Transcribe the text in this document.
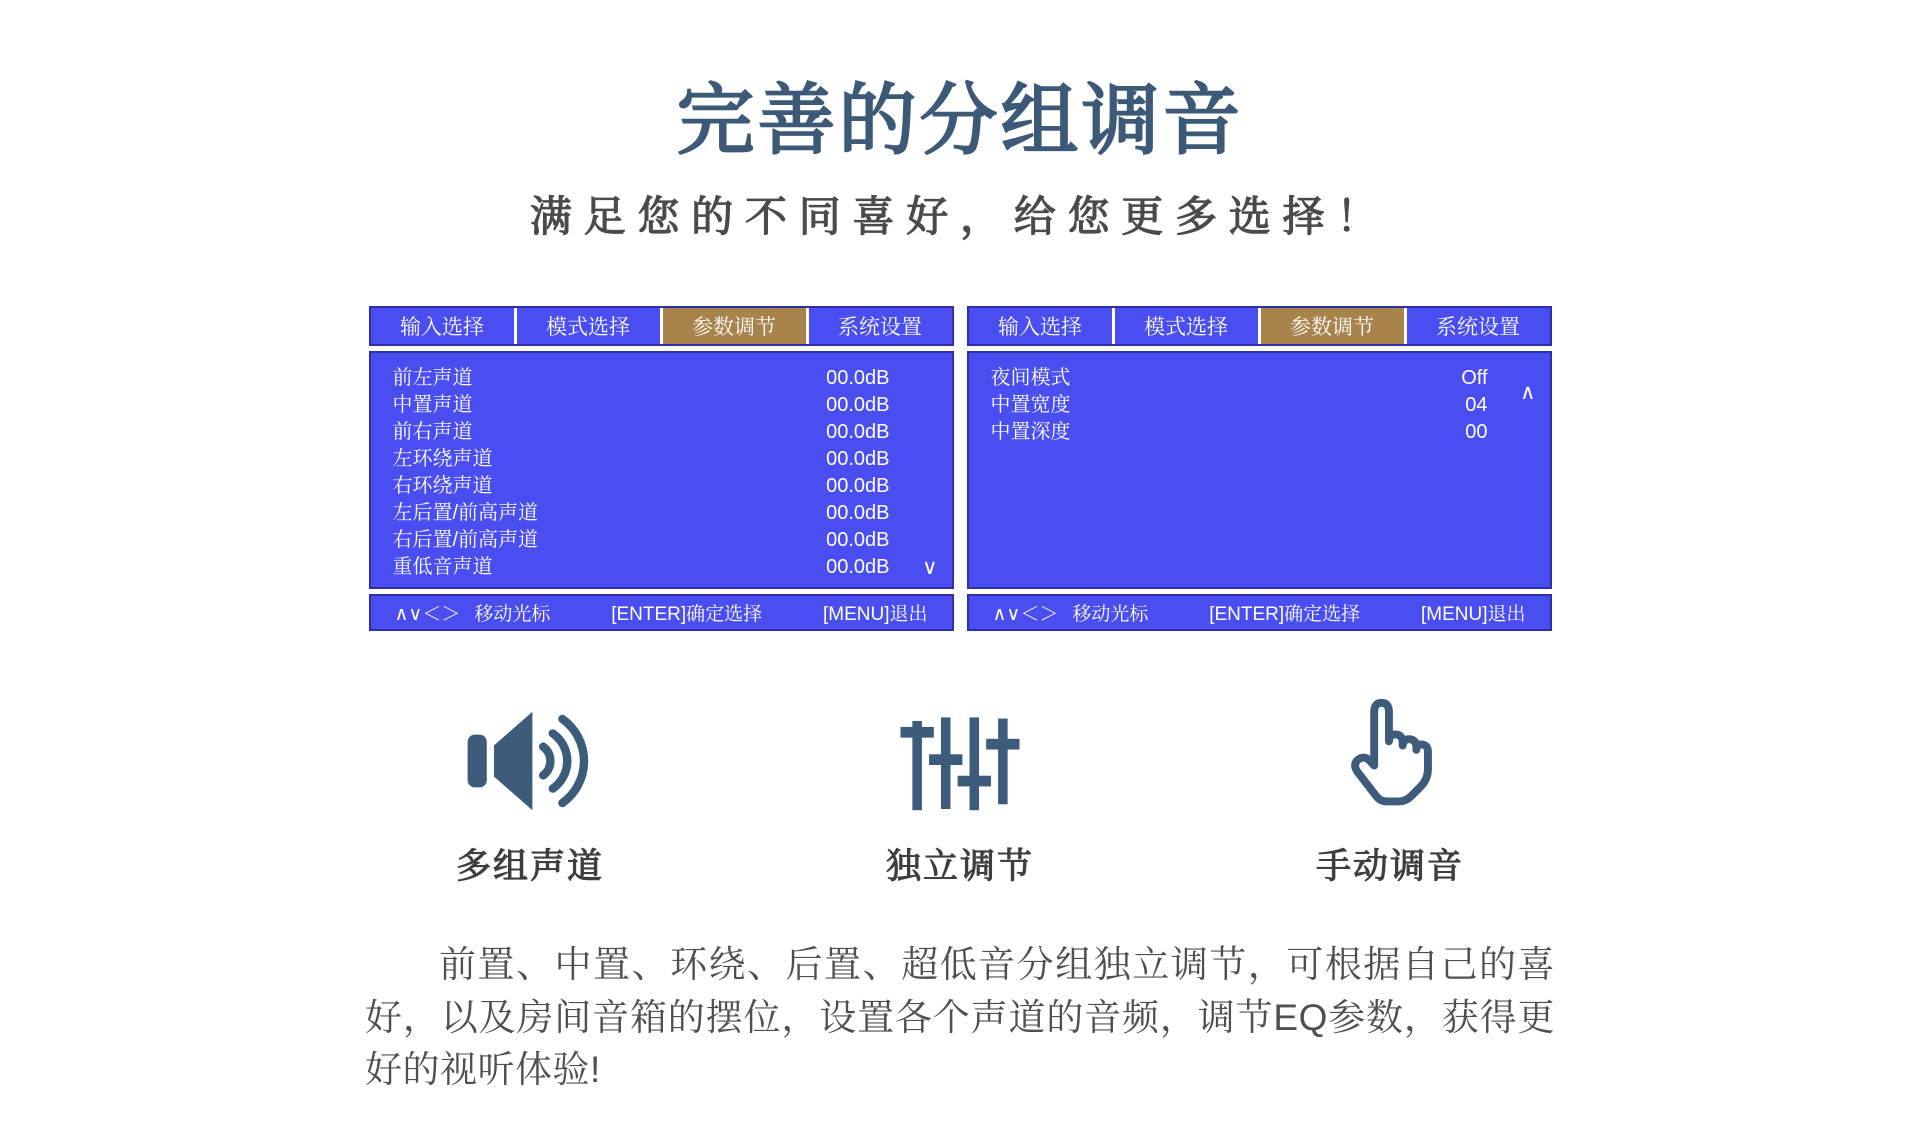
完善的分组调音
满足您的不同喜好，给您更多选择！
输入选择	模式选择	参数调节	系统设置
前左声道	00.0dB
中置声道	00.0dB
前右声道	00.0dB
左环绕声道	00.0dB
右环绕声道	00.0dB
左后置/前高声道	00.0dB
右后置/前高声道	00.0dB
重低音声道	00.0dB ∨
∧∨＜＞ 移动光标	[ENTER]确定选择	[MENU]退出
输入选择	模式选择	参数调节	系统设置
夜间模式	Off
中置宽度	04
中置深度	00
∧
∧∨＜＞ 移动光标	[ENTER]确定选择	[MENU]退出
多组声道	独立调节	手动调音

前置、中置、环绕、后置、超低音分组独立调节，可根据自己的喜好，以及房间音箱的摆位，设置各个声道的音频，调节EQ参数，获得更好的视听体验!
